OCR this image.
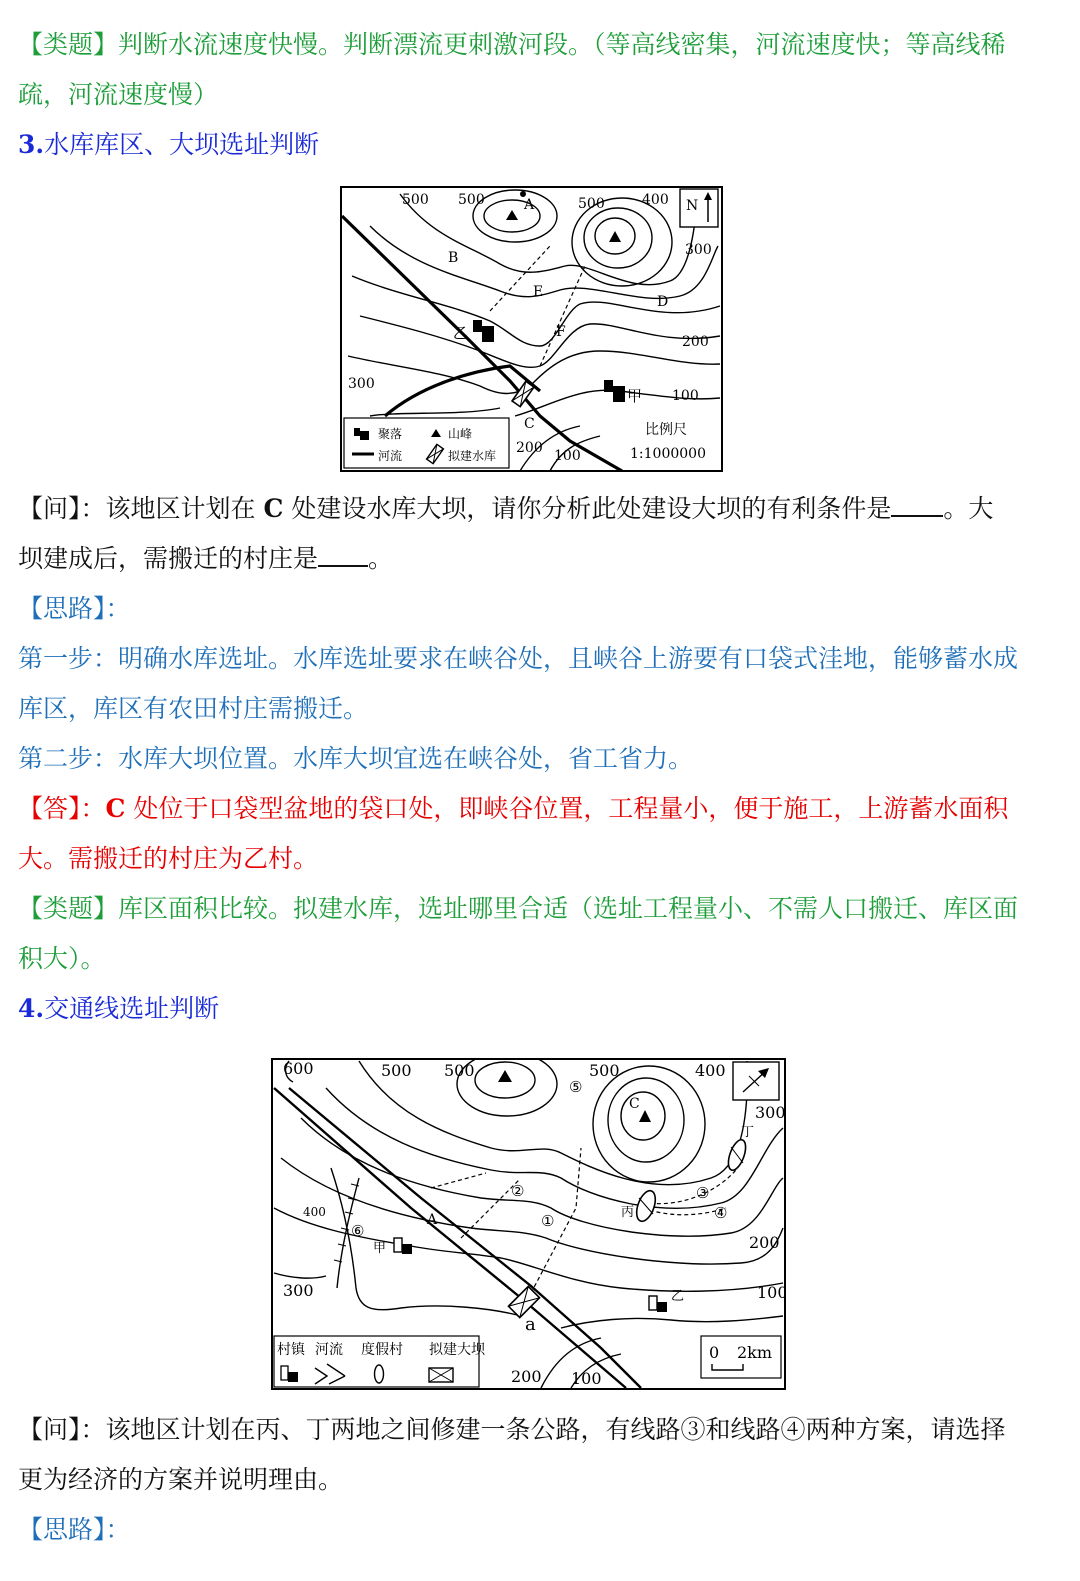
【类题】判断水流速度快慢。判断漂流更刺激河段。（等高线密集，河流速度快；等高线稀
疏，河流速度慢）
3.水库库区、大坝选址判断
500 500	500	400
300
200
100
300
200 100
A
B
C
D
E
F
N
乙
甲
比例尺
1:1000000
聚落	山峰
河流	拟建水库
【问】：该地区计划在 C 处建设水库大坝，请你分析此处建设大坝的有利条件是 。大
坝建成后，需搬迁的村庄是 。
【思路】：
第一步：明确水库选址。水库选址要求在峡谷处，且峡谷上游要有口袋式洼地，能够蓄水成
库区，库区有农田村庄需搬迁。
第二步：水库大坝位置。水库大坝宜选在峡谷处，省工省力。
【答】：C 处位于口袋型盆地的袋口处，即峡谷位置，工程量小，便于施工，上游蓄水面积
大。需搬迁的村庄为乙村。
【类题】库区面积比较。拟建水库，选址哪里合适（选址工程量小、不需人口搬迁、库区面
积大）。
4.交通线选址判断
600	500 500	500	400
300
400
300
200
100
200 100
A
C
a
①
②	③
④
⑤
⑥
甲
乙
丙
丁
0 2km
村镇 河流 度假村 拟建大坝
【问】：该地区计划在丙、丁两地之间修建一条公路，有线路③和线路④两种方案，请选择
更为经济的方案并说明理由。
【思路】：
